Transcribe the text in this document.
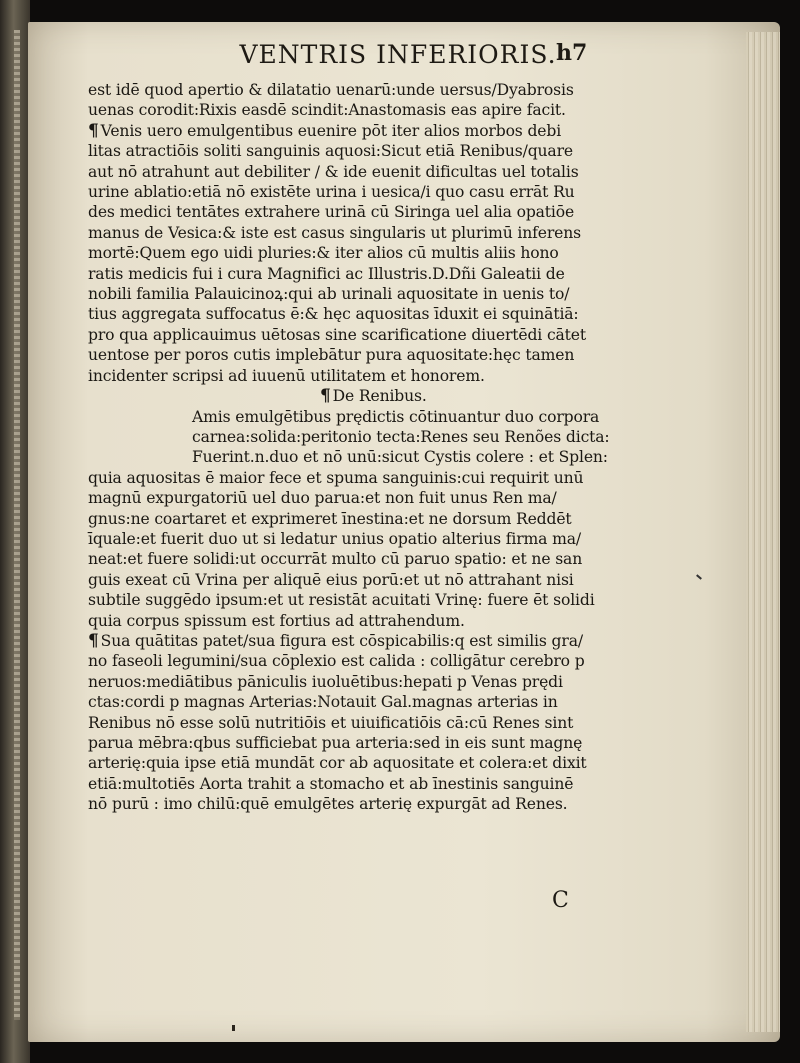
VENTRIS INFERIORIS. h7
est idē quod apertio & dilatatio uenarū:unde uersus/Dyabrosis
uenas corodit:Rixis easdē scindit:Anastomasis eas apire facit.
¶ Venis uero emulgentibus euenire pōt iter alios morbos debi
litas atractiōis soliti sanguinis aquosi:Sicut etiā Renibus/quare
aut nō atrahunt aut debiliter / & ide euenit dificultas uel totalis
urine ablatio:etiā nō existēte urina i uesica/i quo casu errāt Ru
des medici tentātes extrahere urinā cū Siringa uel alia opatiōe
manus de Vesica:& iste est casus singularis ut plurimū inferens
mortē:Quem ego uidi pluries:& iter alios cū multis aliis hono
ratis medicis fui i cura Magnifici ac Illustris.D.Dñi Galeatii de
nobili familia Palauicinoꝝ:qui ab urinali aquositate in uenis to/
tius aggregata suffocatus ē:& hęc aquositas īduxit ei squinātiā:
pro qua applicauimus uētosas sine scarificatione diuertēdi cātet
uentose per poros cutis implebātur pura aquositate:hęc tamen
incidenter scripsi ad iuuenū utilitatem et honorem.
¶ De Renibus.
Amis emulgētibus prędictis cōtinuantur duo corpora
carnea:solida:peritonio tecta:Renes seu Renões dicta:
Fuerint.n.duo et nō unū:sicut Cystis colere : et Splen:
quia aquositas ē maior fece et spuma sanguinis:cui requirit unū
magnū expurgatoriū uel duo parua:et non fuit unus Ren ma/
gnus:ne coartaret et exprimeret īnestina:et ne dorsum Reddēt
īquale:et fuerit duo ut si ledatur unius opatio alterius firma ma/
neat:et fuere solidi:ut occurrāt multo cū paruo spatio: et ne san
guis exeat cū Vrina per aliquē eius porū:et ut nō attrahant nisi
subtile suggēdo ipsum:et ut resistāt acuitati Vrinę: fuere ēt solidi
quia corpus spissum est fortius ad attrahendum.
¶ Sua quātitas patet/sua figura est cōspicabilis:q est similis gra/
no faseoli legumini/sua cōplexio est calida : colligātur cerebro p
neruos:mediātibus pāniculis iuoluētibus:hepati p Venas prędi
ctas:cordi p magnas Arterias:Notauit Gal.magnas arterias in
Renibus nō esse solū nutritiōis et uiuificatiōis cā:cū Renes sint
parua mēbra:qbus sufficiebat pua arteria:sed in eis sunt magnę
arterię:quia ipse etiā mundāt cor ab aquositate et colera:et dixit
etiā:multotiēs Aorta trahit a stomacho et ab īnestinis sanguinē
nō purū : imo chilū:quē emulgētes arterię expurgāt ad Renes.
C
